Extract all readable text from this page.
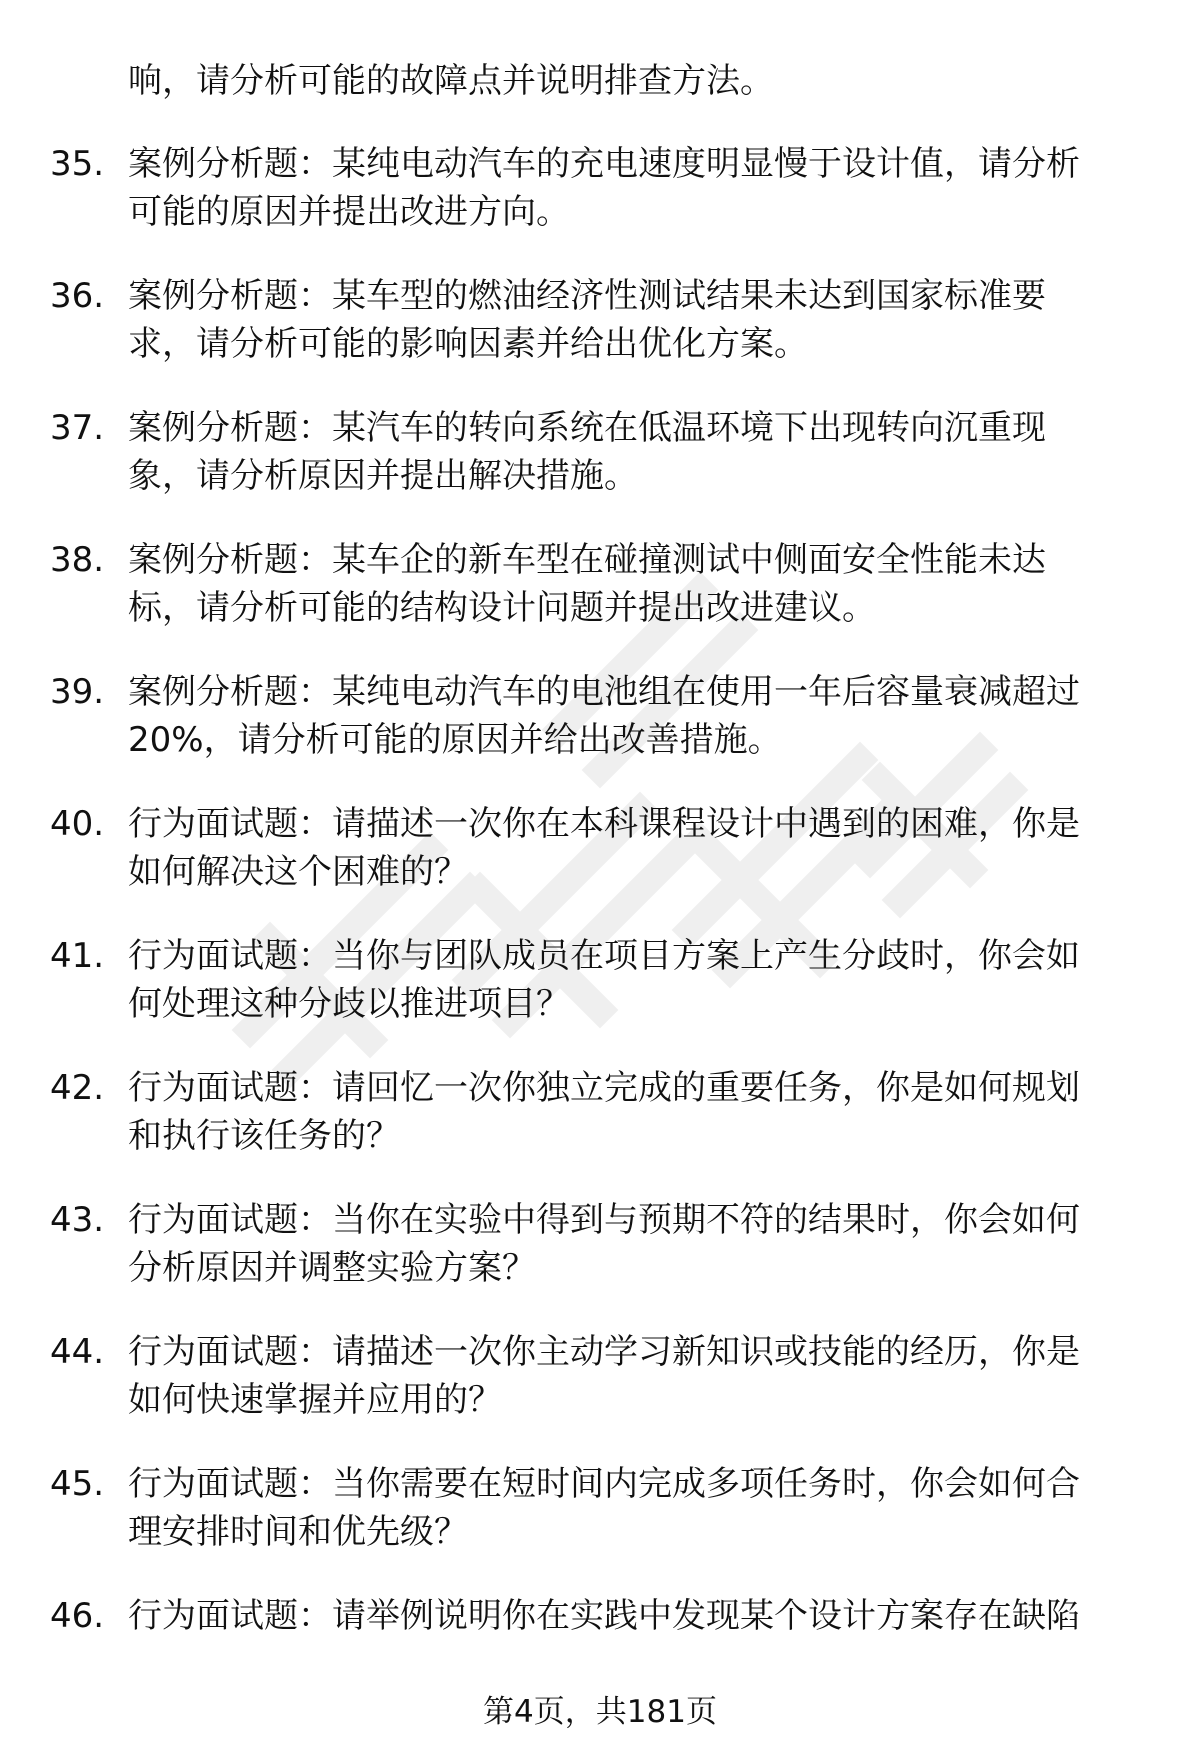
响，请分析可能的故障点并说明排查方法。
35. 案例分析题：某纯电动汽车的充电速度明显慢于设计值，请分析
可能的原因并提出改进方向。
36. 案例分析题：某车型的燃油经济性测试结果未达到国家标准要
求，请分析可能的影响因素并给出优化方案。
37. 案例分析题：某汽车的转向系统在低温环境下出现转向沉重现
象，请分析原因并提出解决措施。
38. 案例分析题：某车企的新车型在碰撞测试中侧面安全性能未达
标，请分析可能的结构设计问题并提出改进建议。
39. 案例分析题：某纯电动汽车的电池组在使用一年后容量衰减超过
20%，请分析可能的原因并给出改善措施。
40. 行为面试题：请描述一次你在本科课程设计中遇到的困难，你是
如何解决这个困难的？
41. 行为面试题：当你与团队成员在项目方案上产生分歧时，你会如
何处理这种分歧以推进项目？
42. 行为面试题：请回忆一次你独立完成的重要任务，你是如何规划
和执行该任务的？
43. 行为面试题：当你在实验中得到与预期不符的结果时，你会如何
分析原因并调整实验方案？
44. 行为面试题：请描述一次你主动学习新知识或技能的经历，你是
如何快速掌握并应用的？
45. 行为面试题：当你需要在短时间内完成多项任务时，你会如何合
理安排时间和优先级？
46. 行为面试题：请举例说明你在实践中发现某个设计方案存在缺陷
第4页，共181页
